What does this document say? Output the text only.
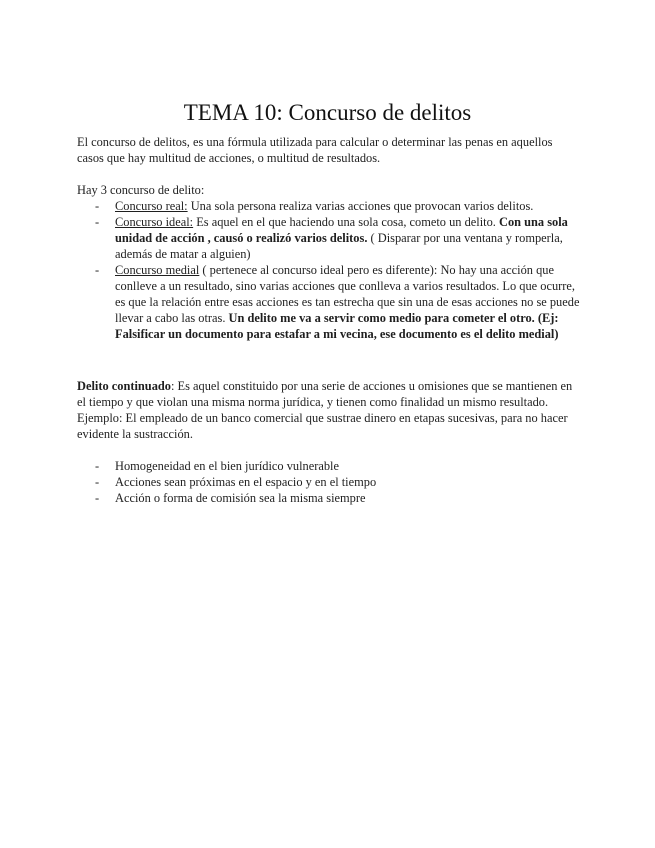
TEMA 10: Concurso de delitos

El concurso de delitos, es una fórmula utilizada para calcular o determinar las penas en aquellos casos que hay multitud de acciones, o multitud de resultados.

Hay 3 concurso de delito:

- Concurso real: Una sola persona realiza varias acciones que provocan varios delitos.
- Concurso ideal: Es aquel en el que haciendo una sola cosa, cometo un delito. Con una sola unidad de acción , causó o realizó varios delitos. ( Disparar por una ventana y romperla, además de matar a alguien)
- Concurso medial ( pertenece al concurso ideal pero es diferente): No hay una acción que conlleve a un resultado, sino varias acciones que conlleva a varios resultados. Lo que ocurre, es que la relación entre esas acciones es tan estrecha que sin una de esas acciones no se puede llevar a cabo las otras. Un delito me va a servir como medio para cometer el otro. (Ej: Falsificar un documento para estafar a mi vecina, ese documento es el delito medial)

Delito continuado: Es aquel constituido por una serie de acciones u omisiones que se mantienen en el tiempo y que violan una misma norma jurídica, y tienen como finalidad un mismo resultado. Ejemplo: El empleado de un banco comercial que sustrae dinero en etapas sucesivas, para no hacer evidente la sustracción.

- Homogeneidad en el bien jurídico vulnerable
- Acciones sean próximas en el espacio y en el tiempo
- Acción o forma de comisión sea la misma siempre
